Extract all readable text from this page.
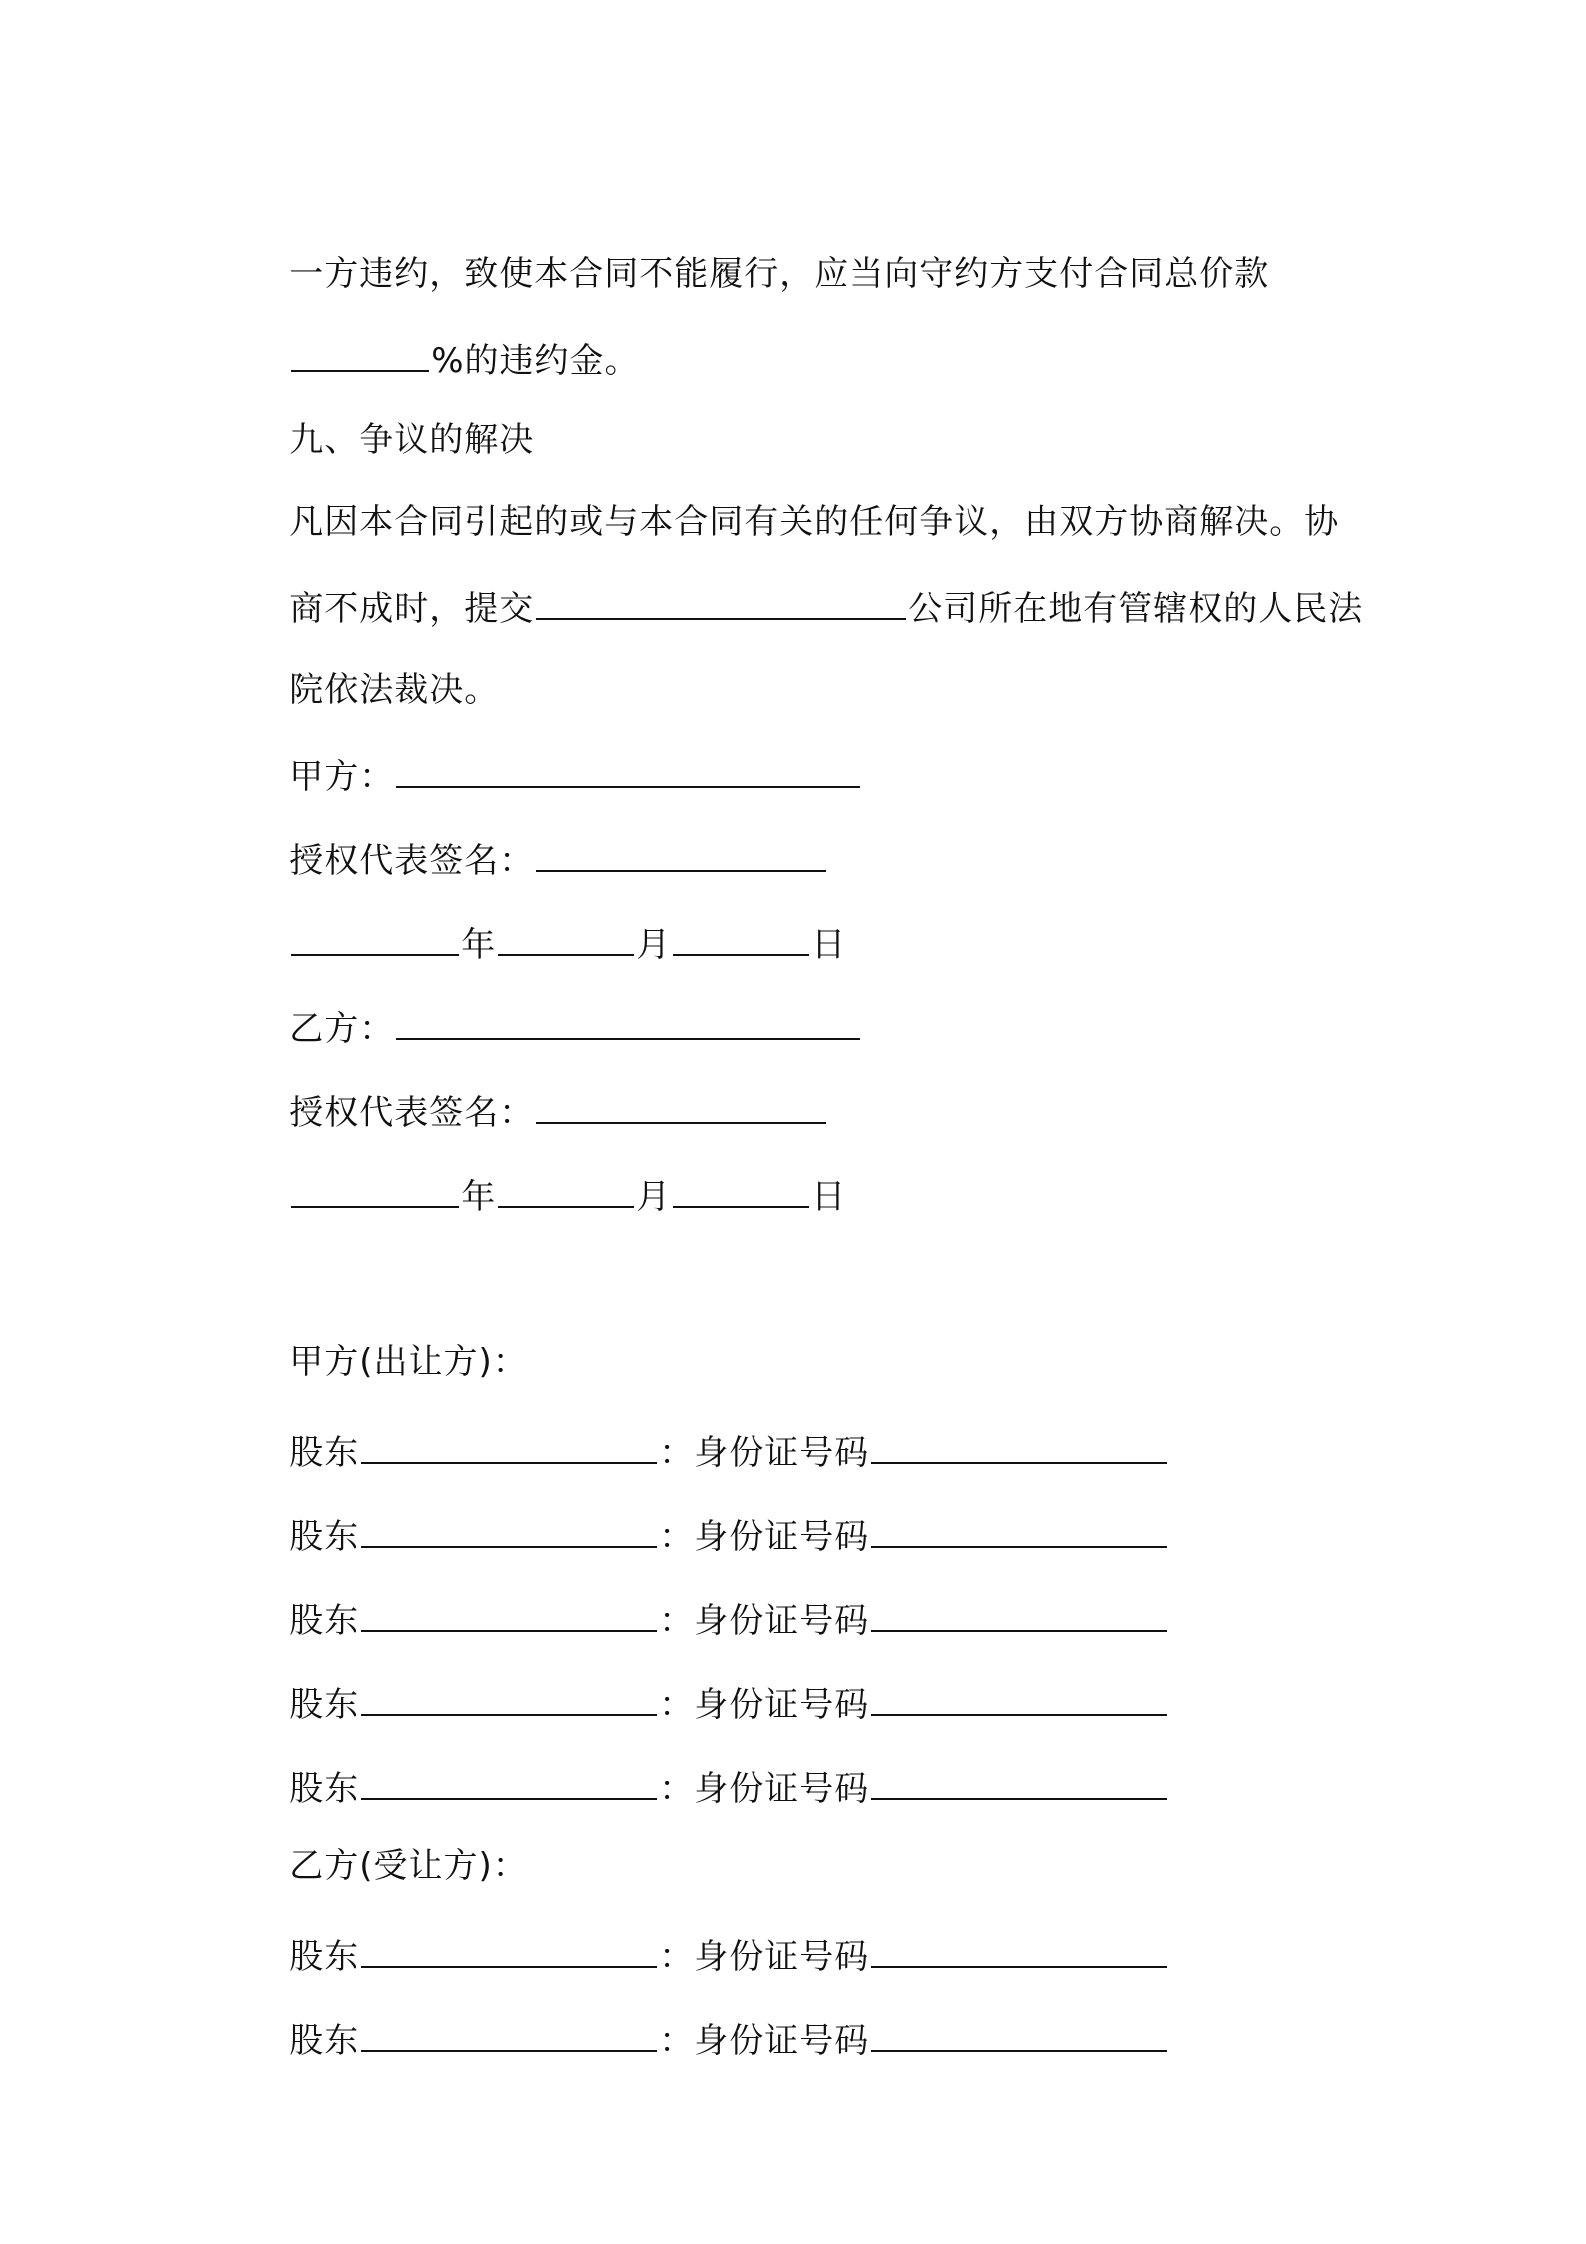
一方违约，致使本合同不能履行，应当向守约方支付合同总价款

%的违约金。

九、争议的解决

凡因本合同引起的或与本合同有关的任何争议，由双方协商解决。协

商不成时，提交	公司所在地有管辖权的人民法

院依法裁决。

甲方：

授权代表签名：

年	月	日

乙方：

授权代表签名：

年	月	日

甲方(出让方)：

股东	：身份证号码

股东	：身份证号码

股东	：身份证号码

股东	：身份证号码

股东	：身份证号码

乙方(受让方)：

股东	：身份证号码

股东	：身份证号码
